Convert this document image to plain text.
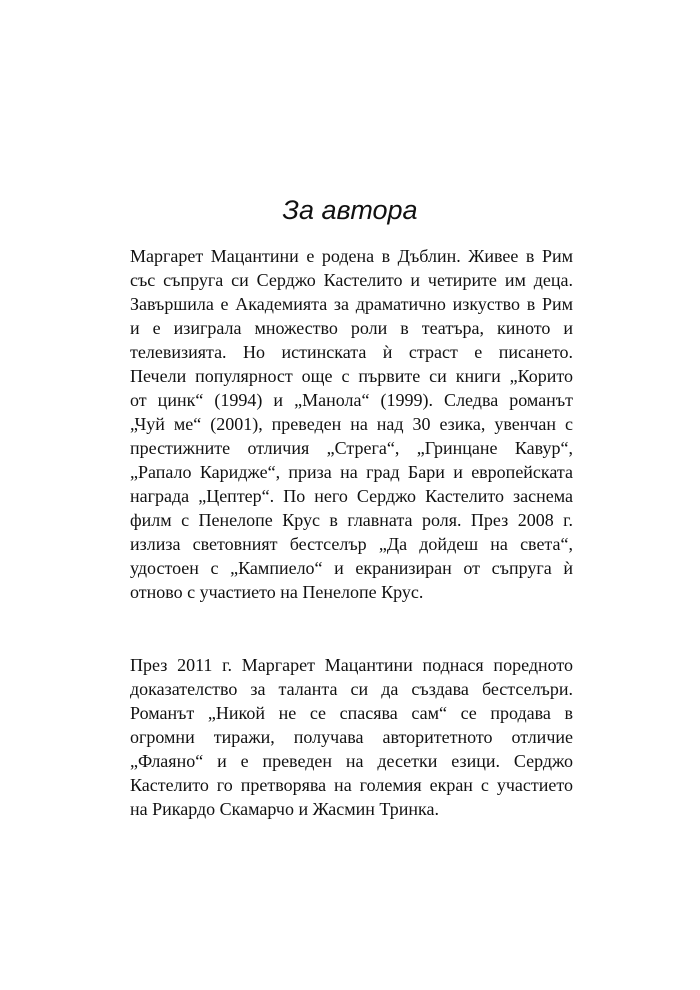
За автора
Маргарет Мацантини е родена в Дъблин. Живее в Рим
със съпруга си Серджо Кастелито и четирите им деца.
Завършила е Академията за драматично изкуство в Рим
и е изиграла множество роли в театъра, киното и
телевизията. Но истинската ѝ страст е писането.
Печели популярност още с първите си книги „Корито
от цинк“ (1994) и „Манола“ (1999). Следва романът
„Чуй ме“ (2001), преведен на над 30 езика, увенчан с
престижните отличия „Стрега“, „Гринцане Кавур“,
„Рапало Каридже“, приза на град Бари и европейската
награда „Цептер“. По него Серджо Кастелито заснема
филм с Пенелопе Крус в главната роля. През 2008 г.
излиза световният бестселър „Да дойдеш на света“,
удостоен с „Кампиело“ и екранизиран от съпруга ѝ
отново с участието на Пенелопе Крус.
През 2011 г. Маргарет Мацантини поднася поредното
доказателство за таланта си да създава бестселъри.
Романът „Никой не се спасява сам“ се продава в
огромни тиражи, получава авторитетното отличие
„Флаяно“ и е преведен на десетки езици. Серджо
Кастелито го претворява на големия екран с участието
на Рикардо Скамарчо и Жасмин Тринка.
